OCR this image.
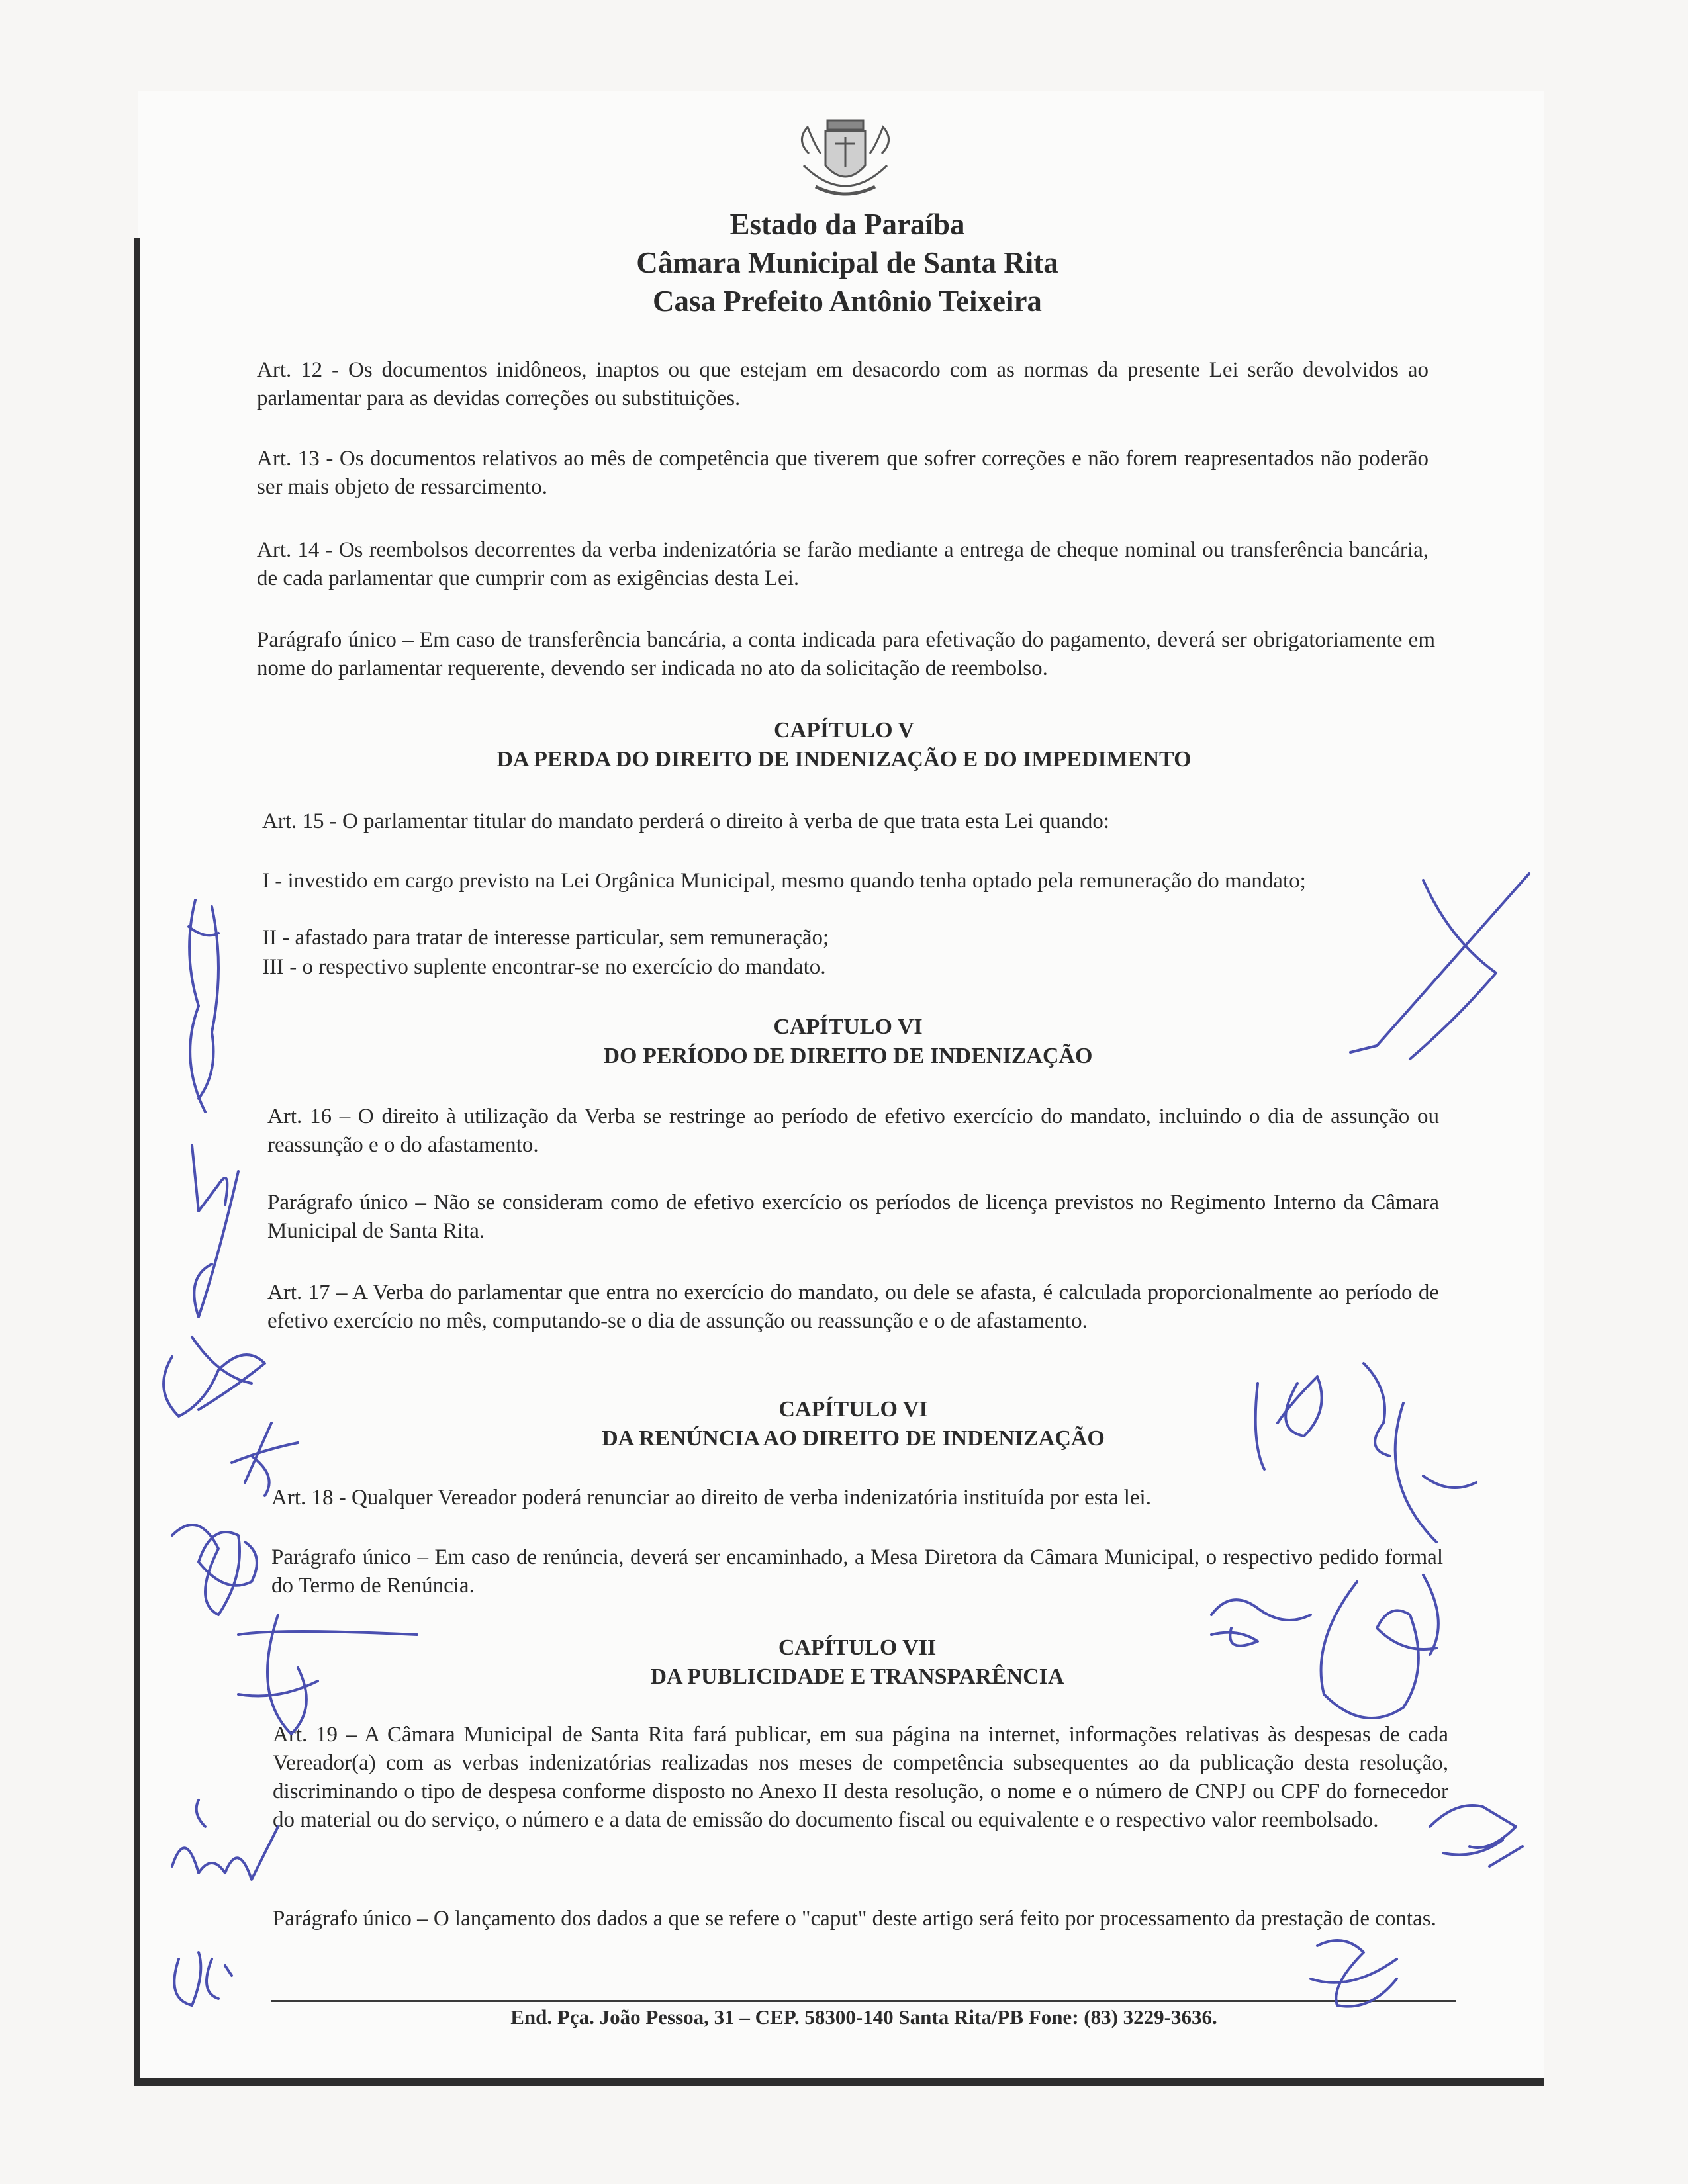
Estado da Paraíba
Câmara Municipal de Santa Rita
Casa Prefeito Antônio Teixeira
Art. 12 - Os documentos inidôneos, inaptos ou que estejam em desacordo com as normas da presente Lei serão devolvidos ao parlamentar para as devidas correções ou substituições.
Art. 13 - Os documentos relativos ao mês de competência que tiverem que sofrer correções e não forem reapresentados não poderão ser mais objeto de ressarcimento.
Art. 14 - Os reembolsos decorrentes da verba indenizatória se farão mediante a entrega de cheque nominal ou transferência bancária, de cada parlamentar que cumprir com as exigências desta Lei.
Parágrafo único – Em caso de transferência bancária, a conta indicada para efetivação do pagamento, deverá ser obrigatoriamente em nome do parlamentar requerente, devendo ser indicada no ato da solicitação de reembolso.
CAPÍTULO V
DA PERDA DO DIREITO DE INDENIZAÇÃO E DO IMPEDIMENTO
Art. 15 - O parlamentar titular do mandato perderá o direito à verba de que trata esta Lei quando:
I - investido em cargo previsto na Lei Orgânica Municipal, mesmo quando tenha optado pela remuneração do mandato;
II - afastado para tratar de interesse particular, sem remuneração;
III - o respectivo suplente encontrar-se no exercício do mandato.
CAPÍTULO VI
DO PERÍODO DE DIREITO DE INDENIZAÇÃO
Art. 16 – O direito à utilização da Verba se restringe ao período de efetivo exercício do mandato, incluindo o dia de assunção ou reassunção e o do afastamento.
Parágrafo único – Não se consideram como de efetivo exercício os períodos de licença previstos no Regimento Interno da Câmara Municipal de Santa Rita.
Art. 17 – A Verba do parlamentar que entra no exercício do mandato, ou dele se afasta, é calculada proporcionalmente ao período de efetivo exercício no mês, computando-se o dia de assunção ou reassunção e o de afastamento.
CAPÍTULO VI
DA RENÚNCIA AO DIREITO DE INDENIZAÇÃO
Art. 18 - Qualquer Vereador poderá renunciar ao direito de verba indenizatória instituída por esta lei.
Parágrafo único – Em caso de renúncia, deverá ser encaminhado, a Mesa Diretora da Câmara Municipal, o respectivo pedido formal do Termo de Renúncia.
CAPÍTULO VII
DA PUBLICIDADE E TRANSPARÊNCIA
Art. 19 – A Câmara Municipal de Santa Rita fará publicar, em sua página na internet, informações relativas às despesas de cada Vereador(a) com as verbas indenizatórias realizadas nos meses de competência subsequentes ao da publicação desta resolução, discriminando o tipo de despesa conforme disposto no Anexo II desta resolução, o nome e o número de CNPJ ou CPF do fornecedor do material ou do serviço, o número e a data de emissão do documento fiscal ou equivalente e o respectivo valor reembolsado.
Parágrafo único – O lançamento dos dados a que se refere o "caput" deste artigo será feito por processamento da prestação de contas.
End. Pça. João Pessoa, 31 – CEP. 58300-140 Santa Rita/PB Fone: (83) 3229-3636.
